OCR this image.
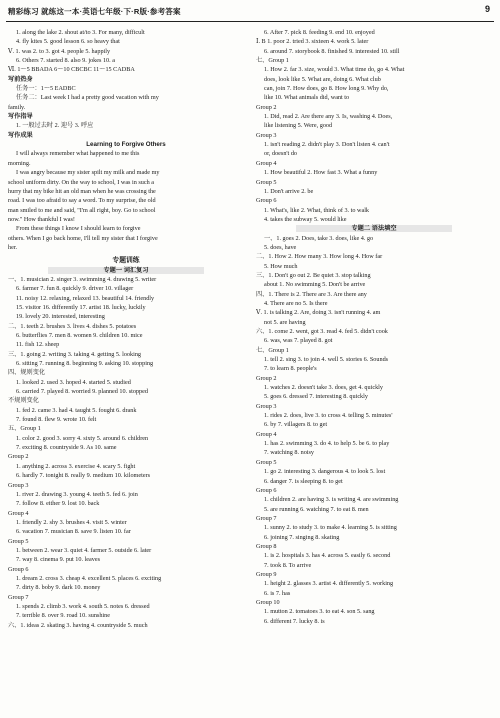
精彩练习 就练这一本·英语七年级·下·R版·参考答案	9
1. along the lake 2. shout at/to 3. For many, difficult
4. fly kites 5. good lesson 6. so heavy that
Ⅴ. 1. was 2. to 3. got 4. people 5. happily
6. Others 7. started 8. also 9. jokes 10. a
Ⅵ. 1～5 BBADA 6～10 CBCBC 11～15 CADBA
写前热身
任务一：1～5 EADBC
任务二：Last week I had a pretty good vacation with my
family.
写作指导
1. 一般过去时 2. 迎号 3. 呼应
写作成果
Learning to Forgive Others
I will always remember what happened to me this
morning.
I was angry because my sister spilt my milk and made my
school uniform dirty. On the way to school, I was in such a
hurry that my bike hit an old man when he was crossing the
road. I was too afraid to say a word. To my surprise, the old
man smiled to me and said, "I'm all right, boy. Go to school
now." How thankful I was!
From these things I know I should learn to forgive
others. When I go back home, I'll tell my sister that I forgive
her.
专题训练
专题一 词汇复习
一、1. musician 2. singer 3. swimming 4. drawing 5. writer
6. farmer 7. fun 8. quickly 9. driver 10. villager
11. noisy 12. relaxing, relaxed 13. beautiful 14. friendly
15. visitor 16. differently 17. artist 18. lucky, luckily
19. lovely 20. interested, interesting
二、1. teeth 2. brushes 3. lives 4. dishes 5. potatoes
6. butterflies 7. men 8. women 9. children 10. mice
11. fish 12. sheep
三、1. going 2. writing 3. taking 4. getting 5. looking
6. sitting 7. running 8. beginning 9. asking 10. stopping
四、规则变化
1. looked 2. used 3. hoped 4. started 5. studied
6. carried 7. played 8. worried 9. planned 10. stopped
不规则变化
1. fed 2. came 3. had 4. taught 5. fought 6. drank
7. found 8. flew 9. wrote 10. felt
五、Group 1
1. color 2. good 3. sorry 4. sixty 5. around 6. children
7. exciting 8. countryside 9. As 10. same
Group 2
1. anything 2. across 3. exercise 4. scary 5. fight
6. hardly 7. tonight 8. really 9. medium 10. kilometers
Group 3
1. river 2. drawing 3. young 4. teeth 5. fed 6. join
7. follow 8. either 9. lost 10. back
Group 4
1. friendly 2. shy 3. brushes 4. visit 5. winter
6. vacation 7. musician 8. save 9. listen 10. far
Group 5
1. between 2. wear 3. quiet 4. farmer 5. outside 6. later
7. way 8. cinema 9. put 10. leaves
Group 6
1. dream 2. cross 3. cheap 4. excellent 5. places 6. exciting
7. dirty 8. boby 9. dark 10. money
Group 7
1. spends 2. climb 3. work 4. south 5. notes 6. dressed
7. terrible 8. over 9. road 10. sunshine
六、1. ideas 2. skating 3. having 4. countryside 5. much
6. After 7. pick 8. feeding 9. end 10. enjoyed
Ⅰ. B 1. poor 2. tried 3. sixteen 4. work 5. later
6. around 7. storybook 8. finished 9. interested 10. still
七、Group 1
1. How 2. far 3. size, would 3. What time do, go 4. What
does, look like 5. What are, doing 6. What club
can, join 7. How does, go 8. How long 9. Why do,
like 10. What animals did, want to
Group 2
1. Did, read 2. Are there any 3. Is, washing 4. Does,
like listening 5. Were, good
Group 3
1. isn't reading 2. didn't play 3. Don't listen 4. can't
or, doesn't do
Group 4
1. How beautiful 2. How fast 3. What a funny
Group 5
1. Don't arrive 2. be
Group 6
1. What's, like 2. What, think of 3. to walk
4. takes the subway 5. would like
专题二 语法填空
一、1. goes 2. Does, take 3. does, like 4. go
5. does, have
二、1. How 2. How many 3. How long 4. How far
5. How much
三、1. Don't go out 2. Be quiet 3. stop talking
about 1. No swimming 5. Don't be arrive
四、1. There is 2. There are 3. Are there any
4. There are no 5. Is there
Ⅴ. 1. is talking 2. Are, doing 3. isn't running 4. am
not 5. are having
六、1. come 2. went, got 3. read 4. fed 5. didn't cook
6. was, was 7. played 8. got
七、Group 1
1. tell 2. sing 3. to join 4. well 5. stories 6. Sounds
7. to learn 8. people's
Group 2
1. watches 2. doesn't take 3. does, get 4. quickly
5. goes 6. dressed 7. interesting 8. quickly
Group 3
1. rides 2. does, live 3. to cross 4. telling 5. minutes'
6. by 7. villagers 8. to get
Group 4
1. has 2. swimming 3. do 4. to help 5. be 6. to play
7. watching 8. noisy
Group 5
1. go 2. interesting 3. dangerous 4. to look 5. lost
6. danger 7. is sleeping 8. to get
Group 6
1. children 2. are having 3. is writing 4. are swimming
5. are running 6. watching 7. to eat 8. men
Group 7
1. sunny 2. to study 3. to make 4. learning 5. is sitting
6. joining 7. singing 8. skating
Group 8
1. is 2. hospitals 3. has 4. across 5. easily 6. second
7. took 8. To arrive
Group 9
1. height 2. glasses 3. artist 4. differently 5. working
6. is 7. has
Group 10
1. mutton 2. tomatoes 3. to eat 4. son 5. sang
6. different 7. lucky 8. is
